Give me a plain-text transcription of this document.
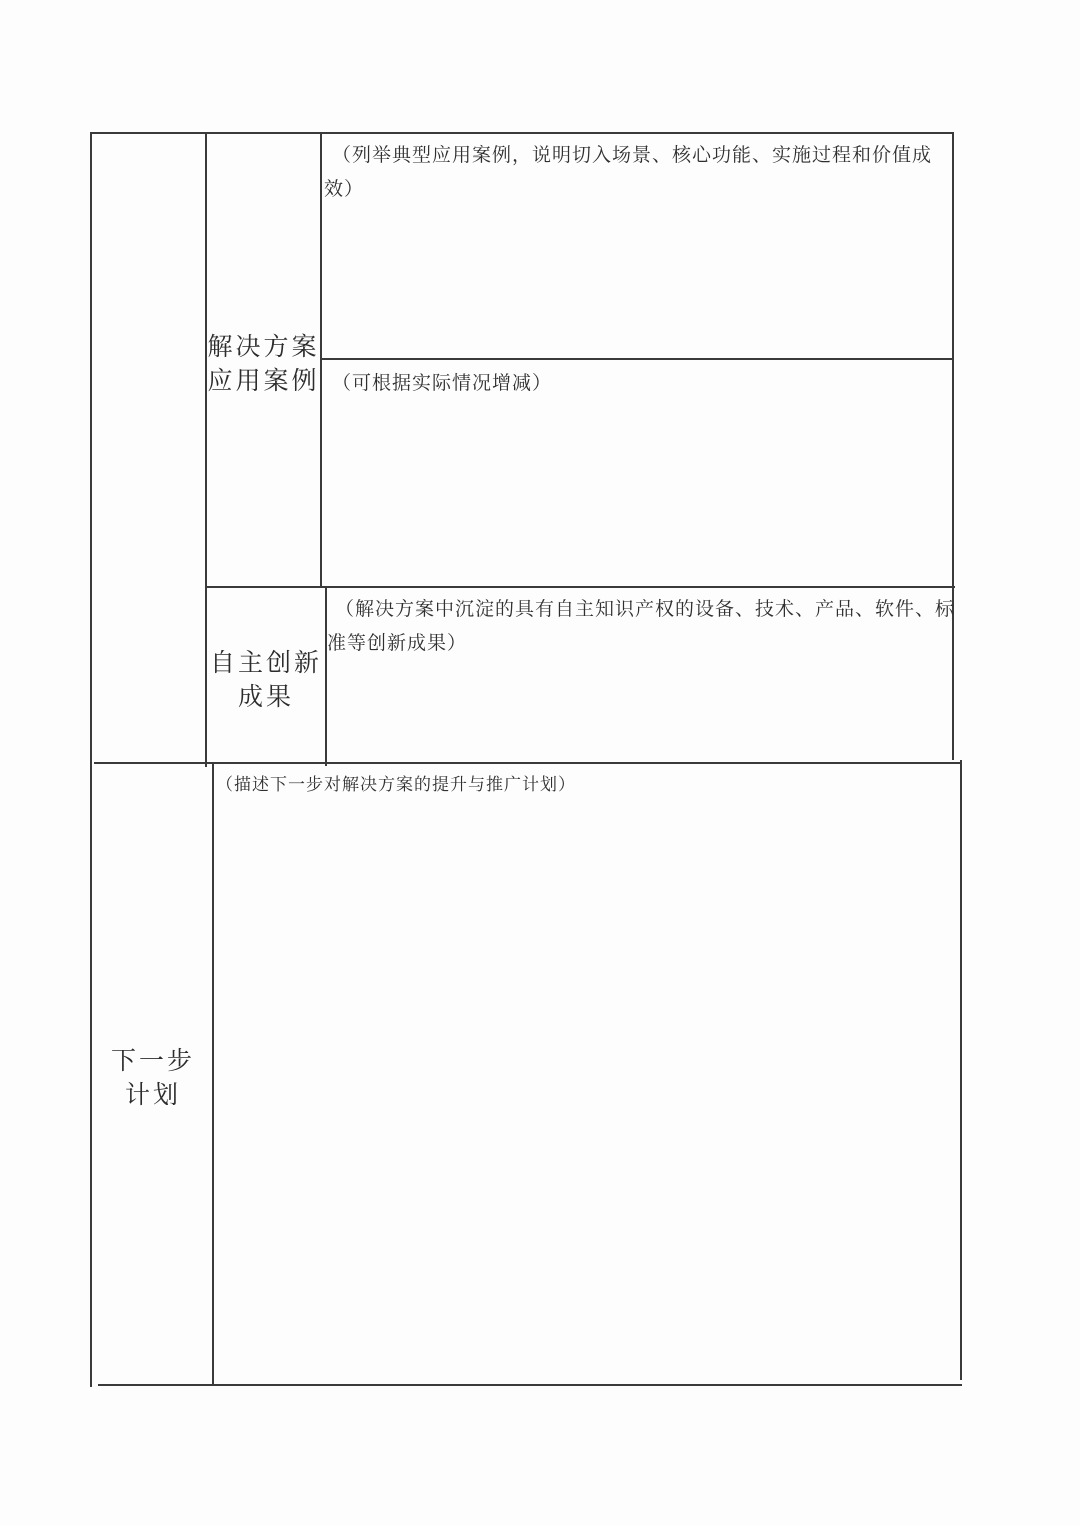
解决方案
应用案例
（列举典型应用案例，说明切入场景、核心功能、实施过程和价值成效）
（可根据实际情况增减）
自主创新
成果
（解决方案中沉淀的具有自主知识产权的设备、技术、产品、软件、标准等创新成果）
下一步
计划
（描述下一步对解决方案的提升与推广计划）
